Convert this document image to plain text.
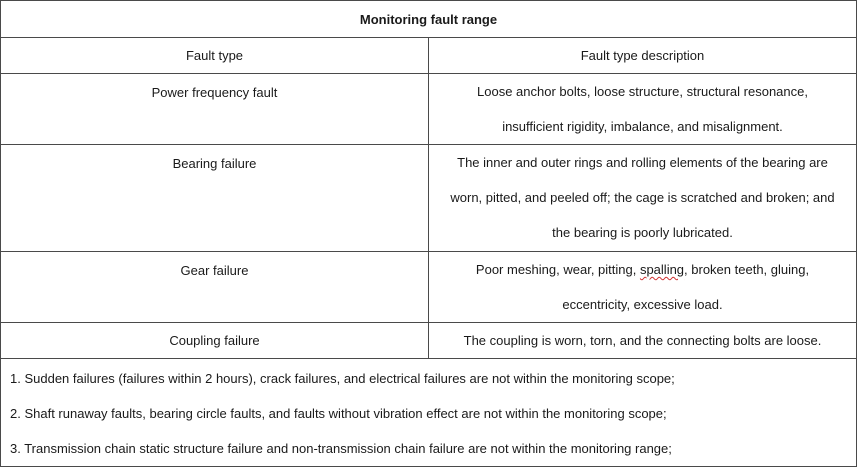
Monitoring fault range	
Fault type	Fault type description

Power frequency fault	Loose anchor bolts, loose structure, structural resonance,
insufficient rigidity, imbalance, and misalignment.

Bearing failure	The inner and outer rings and rolling elements of the bearing are
worn, pitted, and peeled off; the cage is scratched and broken; and
the bearing is poorly lubricated.

Gear failure	Poor meshing, wear, pitting, spalling, broken teeth, gluing,
eccentricity, excessive load.

Coupling failure	The coupling is worn, torn, and the connecting bolts are loose.

1. Sudden failures (failures within 2 hours), crack failures, and electrical failures are not within the monitoring scope;
2. Shaft runaway faults, bearing circle faults, and faults without vibration effect are not within the monitoring scope;
3. Transmission chain static structure failure and non-transmission chain failure are not within the monitoring range;	
